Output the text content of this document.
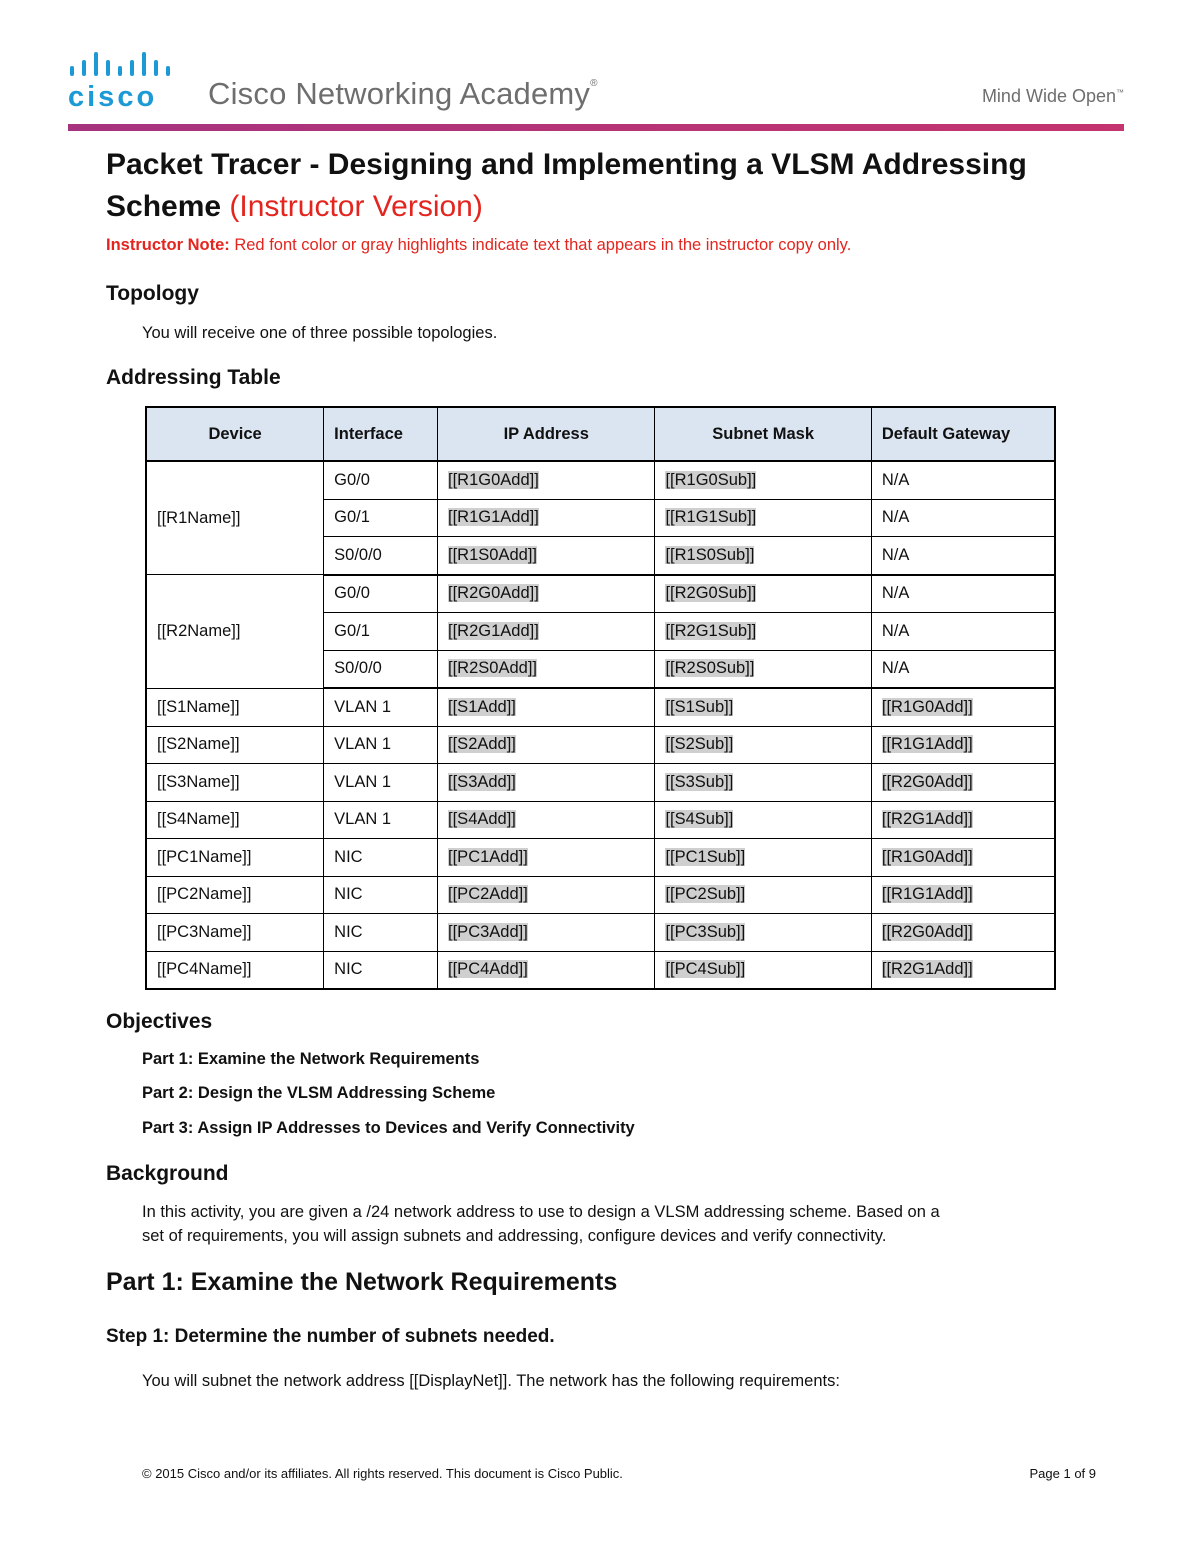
cisco Cisco Networking Academy®
Mind Wide Open™
Packet Tracer - Designing and Implementing a VLSM Addressing Scheme (Instructor Version)
Instructor Note: Red font color or gray highlights indicate text that appears in the instructor copy only.
Topology
You will receive one of three possible topologies.
Addressing Table
Device	Interface	IP Address	Subnet Mask	Default Gateway
[[R1Name]]	G0/0	[[R1G0Add]]	[[R1G0Sub]]	N/A
	G0/1	[[R1G1Add]]	[[R1G1Sub]]	N/A
	S0/0/0	[[R1S0Add]]	[[R1S0Sub]]	N/A
[[R2Name]]	G0/0	[[R2G0Add]]	[[R2G0Sub]]	N/A
	G0/1	[[R2G1Add]]	[[R2G1Sub]]	N/A
	S0/0/0	[[R2S0Add]]	[[R2S0Sub]]	N/A
[[S1Name]]	VLAN 1	[[S1Add]]	[[S1Sub]]	[[R1G0Add]]
[[S2Name]]	VLAN 1	[[S2Add]]	[[S2Sub]]	[[R1G1Add]]
[[S3Name]]	VLAN 1	[[S3Add]]	[[S3Sub]]	[[R2G0Add]]
[[S4Name]]	VLAN 1	[[S4Add]]	[[S4Sub]]	[[R2G1Add]]
[[PC1Name]]	NIC	[[PC1Add]]	[[PC1Sub]]	[[R1G0Add]]
[[PC2Name]]	NIC	[[PC2Add]]	[[PC2Sub]]	[[R1G1Add]]
[[PC3Name]]	NIC	[[PC3Add]]	[[PC3Sub]]	[[R2G0Add]]
[[PC4Name]]	NIC	[[PC4Add]]	[[PC4Sub]]	[[R2G1Add]]
Objectives
Part 1: Examine the Network Requirements
Part 2: Design the VLSM Addressing Scheme
Part 3: Assign IP Addresses to Devices and Verify Connectivity
Background
In this activity, you are given a /24 network address to use to design a VLSM addressing scheme. Based on a
set of requirements, you will assign subnets and addressing, configure devices and verify connectivity.
Part 1: Examine the Network Requirements
Step 1: Determine the number of subnets needed.
You will subnet the network address [[DisplayNet]]. The network has the following requirements:
© 2015 Cisco and/or its affiliates. All rights reserved. This document is Cisco Public.	Page 1 of 9
